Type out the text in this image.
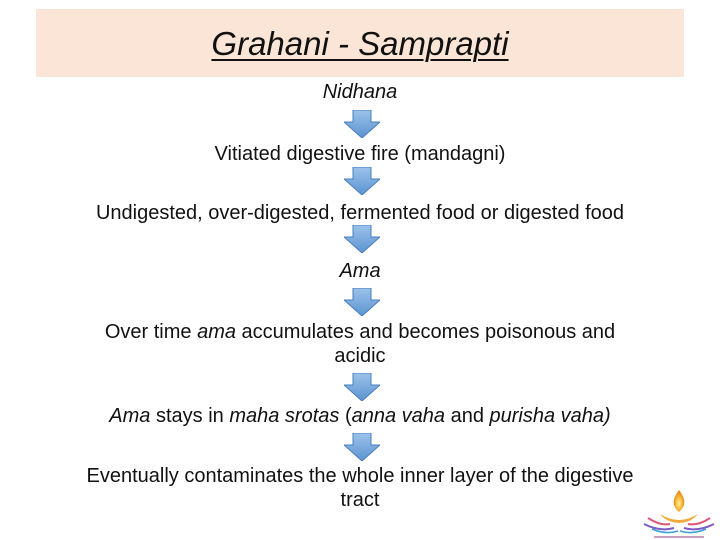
Grahani - Samprapti
Nidhana
Vitiated digestive fire (mandagni)
Undigested, over-digested, fermented food or digested food
Ama
Over time ama accumulates and becomes poisonous and
acidic
Ama stays in maha srotas (anna vaha and purisha vaha)
Eventually contaminates the whole inner layer of the digestive
tract
